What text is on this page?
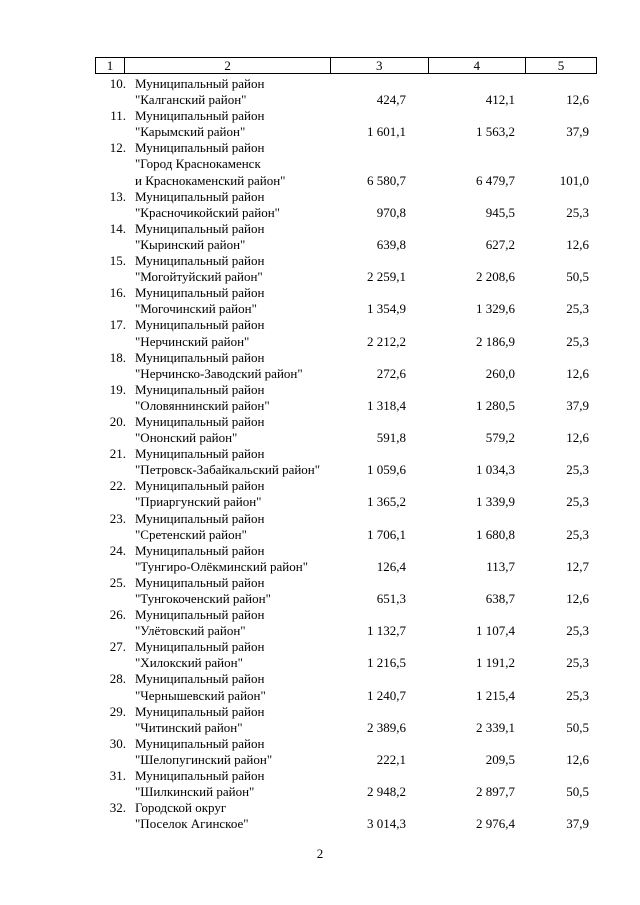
1	2	3	4	5
10. Муниципальный район
"Калганский район"	424,7	412,1	12,6
11. Муниципальный район
"Карымский район"	1 601,1	1 563,2	37,9
12. Муниципальный район
"Город Краснокаменск
и Краснокаменский район"	6 580,7	6 479,7	101,0
13. Муниципальный район
"Красночикойский район"	970,8	945,5	25,3
14. Муниципальный район
"Кыринский район"	639,8	627,2	12,6
15. Муниципальный район
"Могойтуйский район"	2 259,1	2 208,6	50,5
16. Муниципальный район
"Могочинский район"	1 354,9	1 329,6	25,3
17. Муниципальный район
"Нерчинский район"	2 212,2	2 186,9	25,3
18. Муниципальный район
"Нерчинско-Заводский район"	272,6	260,0	12,6
19. Муниципальный район
"Оловяннинский район"	1 318,4	1 280,5	37,9
20. Муниципальный район
"Ононский район"	591,8	579,2	12,6
21. Муниципальный район
"Петровск-Забайкальский район"	1 059,6	1 034,3	25,3
22. Муниципальный район
"Приаргунский район"	1 365,2	1 339,9	25,3
23. Муниципальный район
"Сретенский район"	1 706,1	1 680,8	25,3
24. Муниципальный район
"Тунгиро-Олёкминский район"	126,4	113,7	12,7
25. Муниципальный район
"Тунгокоченский район"	651,3	638,7	12,6
26. Муниципальный район
"Улётовский район"	1 132,7	1 107,4	25,3
27. Муниципальный район
"Хилокский район"	1 216,5	1 191,2	25,3
28. Муниципальный район
"Чернышевский район"	1 240,7	1 215,4	25,3
29. Муниципальный район
"Читинский район"	2 389,6	2 339,1	50,5
30. Муниципальный район
"Шелопугинский район"	222,1	209,5	12,6
31. Муниципальный район
"Шилкинский район"	2 948,2	2 897,7	50,5
32. Городской округ
"Поселок Агинское"	3 014,3	2 976,4	37,9
2
